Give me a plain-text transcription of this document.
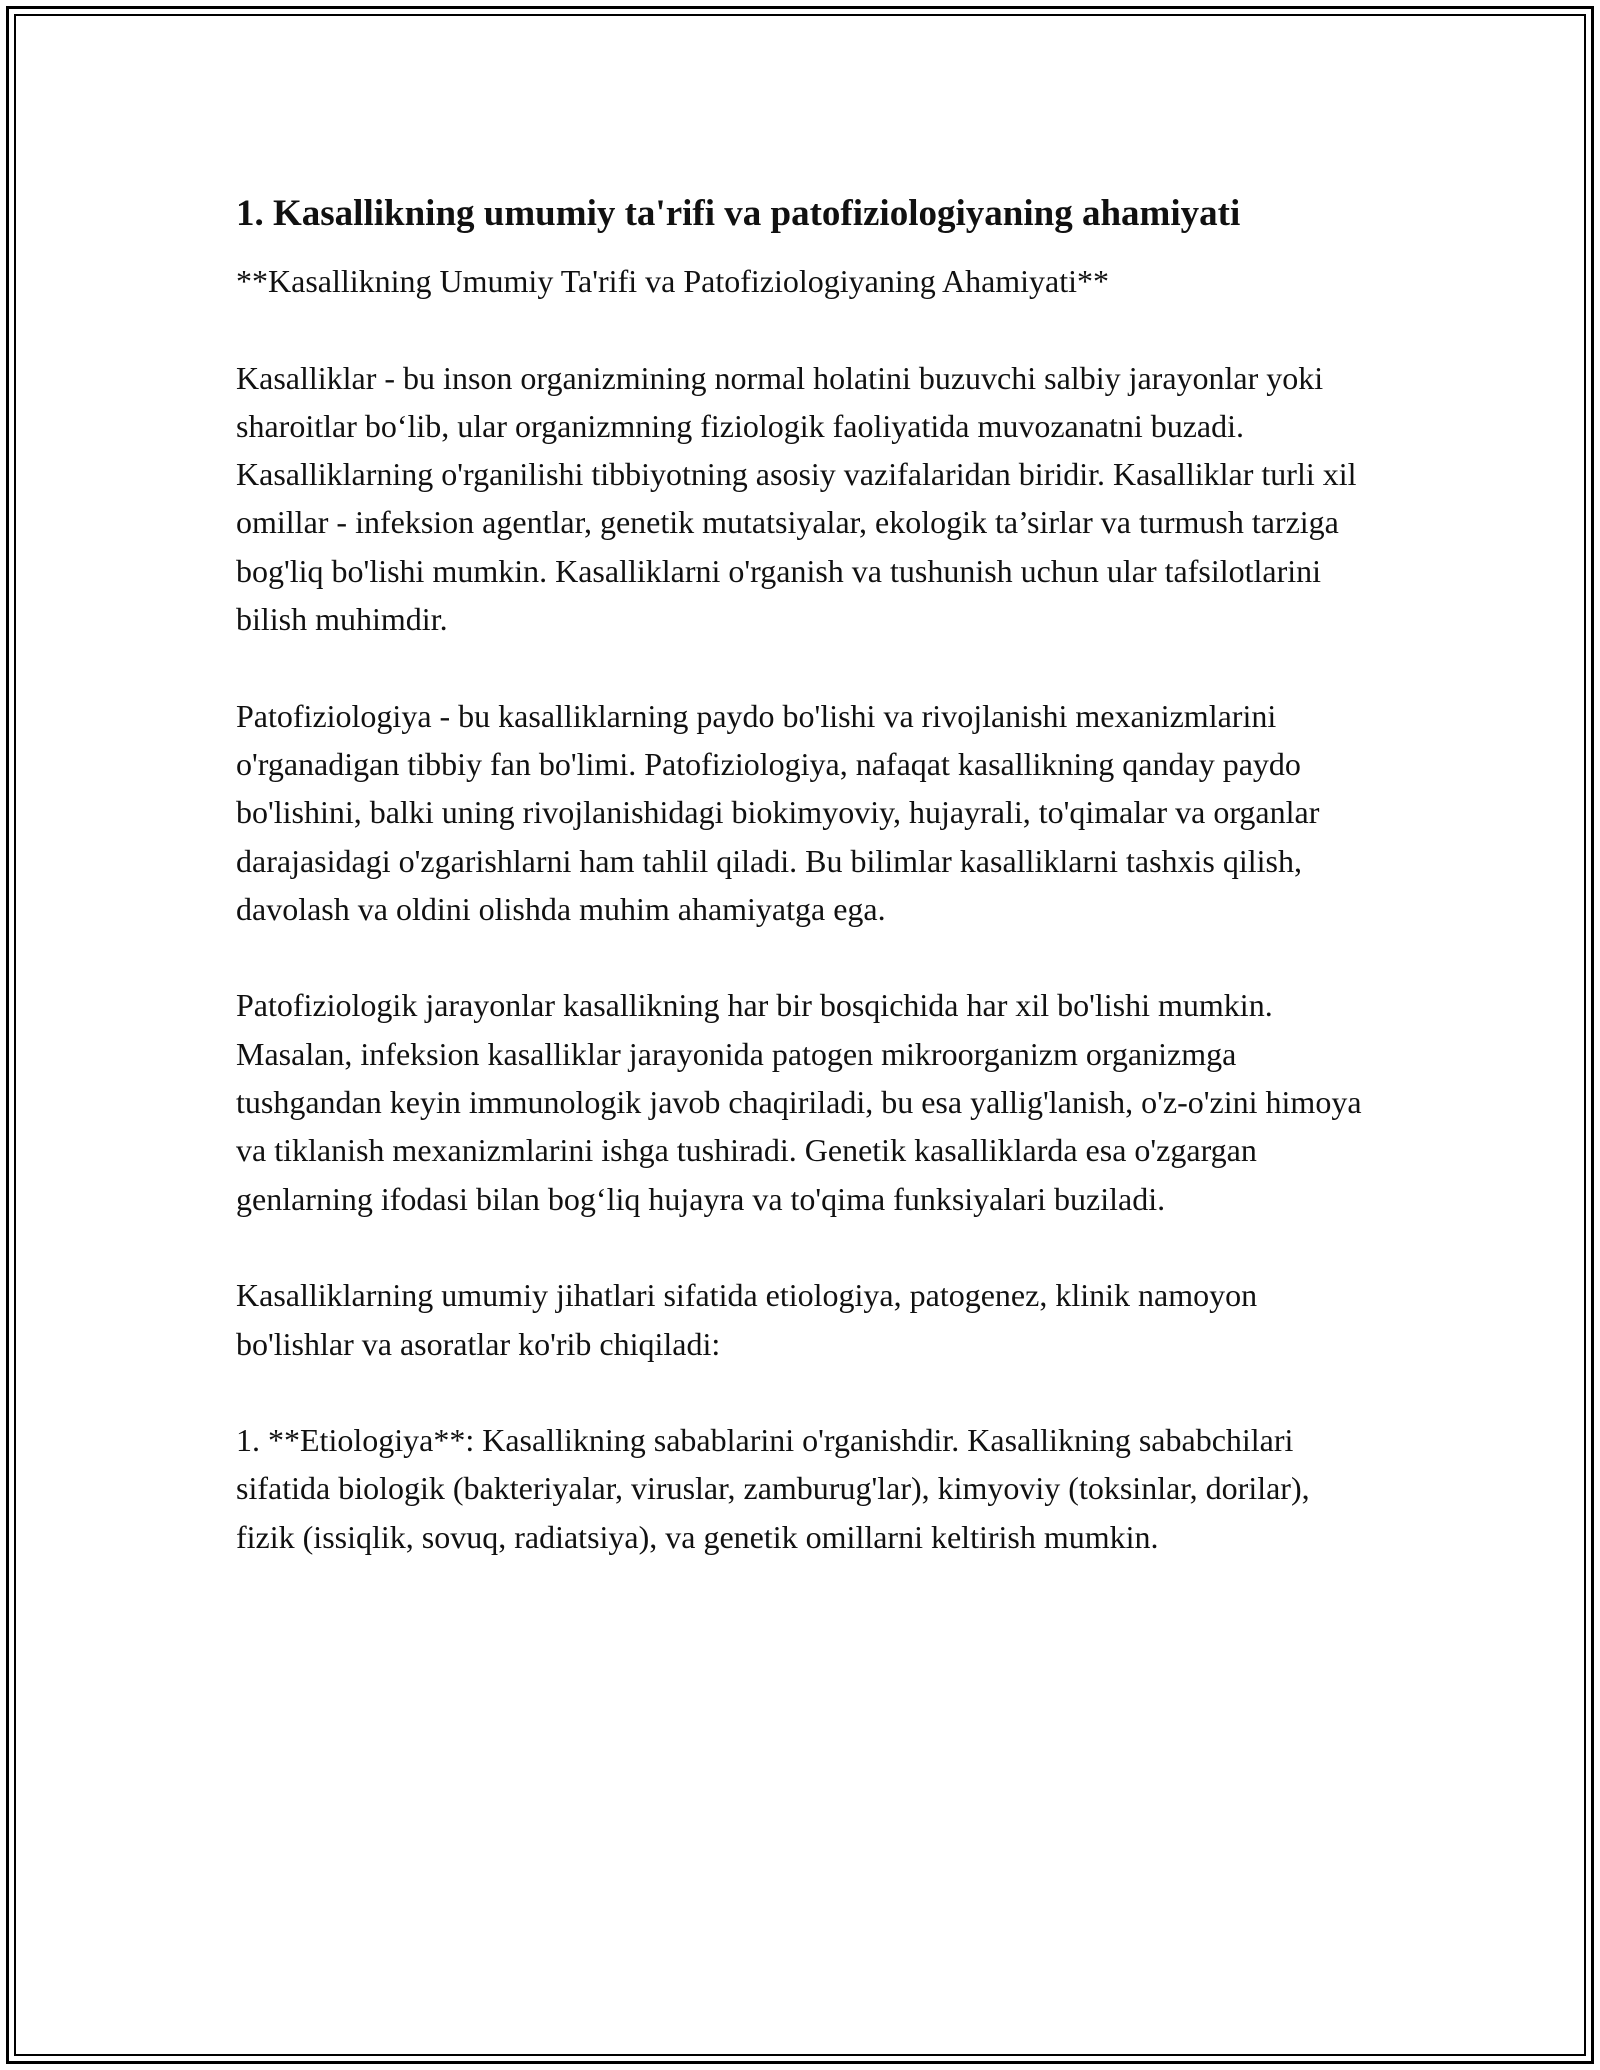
1. Kasallikning umumiy ta'rifi va patofiziologiyaning ahamiyati

**Kasallikning Umumiy Ta'rifi va Patofiziologiyaning Ahamiyati**

Kasalliklar - bu inson organizmining normal holatini buzuvchi salbiy jarayonlar yoki sharoitlar bo‘lib, ular organizmning fiziologik faoliyatida muvozanatni buzadi. Kasalliklarning o'rganilishi tibbiyotning asosiy vazifalaridan biridir. Kasalliklar turli xil omillar - infeksion agentlar, genetik mutatsiyalar, ekologik ta’sirlar va turmush tarziga bog'liq bo'lishi mumkin. Kasalliklarni o'rganish va tushunish uchun ular tafsilotlarini bilish muhimdir.

Patofiziologiya - bu kasalliklarning paydo bo'lishi va rivojlanishi mexanizmlarini o'rganadigan tibbiy fan bo'limi. Patofiziologiya, nafaqat kasallikning qanday paydo bo'lishini, balki uning rivojlanishidagi biokimyoviy, hujayrali, to'qimalar va organlar darajasidagi o'zgarishlarni ham tahlil qiladi. Bu bilimlar kasalliklarni tashxis qilish, davolash va oldini olishda muhim ahamiyatga ega.

Patofiziologik jarayonlar kasallikning har bir bosqichida har xil bo'lishi mumkin. Masalan, infeksion kasalliklar jarayonida patogen mikroorganizm organizmga tushgandan keyin immunologik javob chaqiriladi, bu esa yallig'lanish, o'z-o'zini himoya va tiklanish mexanizmlarini ishga tushiradi. Genetik kasalliklarda esa o'zgargan genlarning ifodasi bilan bog‘liq hujayra va to'qima funksiyalari buziladi.

Kasalliklarning umumiy jihatlari sifatida etiologiya, patogenez, klinik namoyon bo'lishlar va asoratlar ko'rib chiqiladi:

1. **Etiologiya**: Kasallikning sabablarini o'rganishdir. Kasallikning sababchilari sifatida biologik (bakteriyalar, viruslar, zamburug'lar), kimyoviy (toksinlar, dorilar), fizik (issiqlik, sovuq, radiatsiya), va genetik omillarni keltirish mumkin.
